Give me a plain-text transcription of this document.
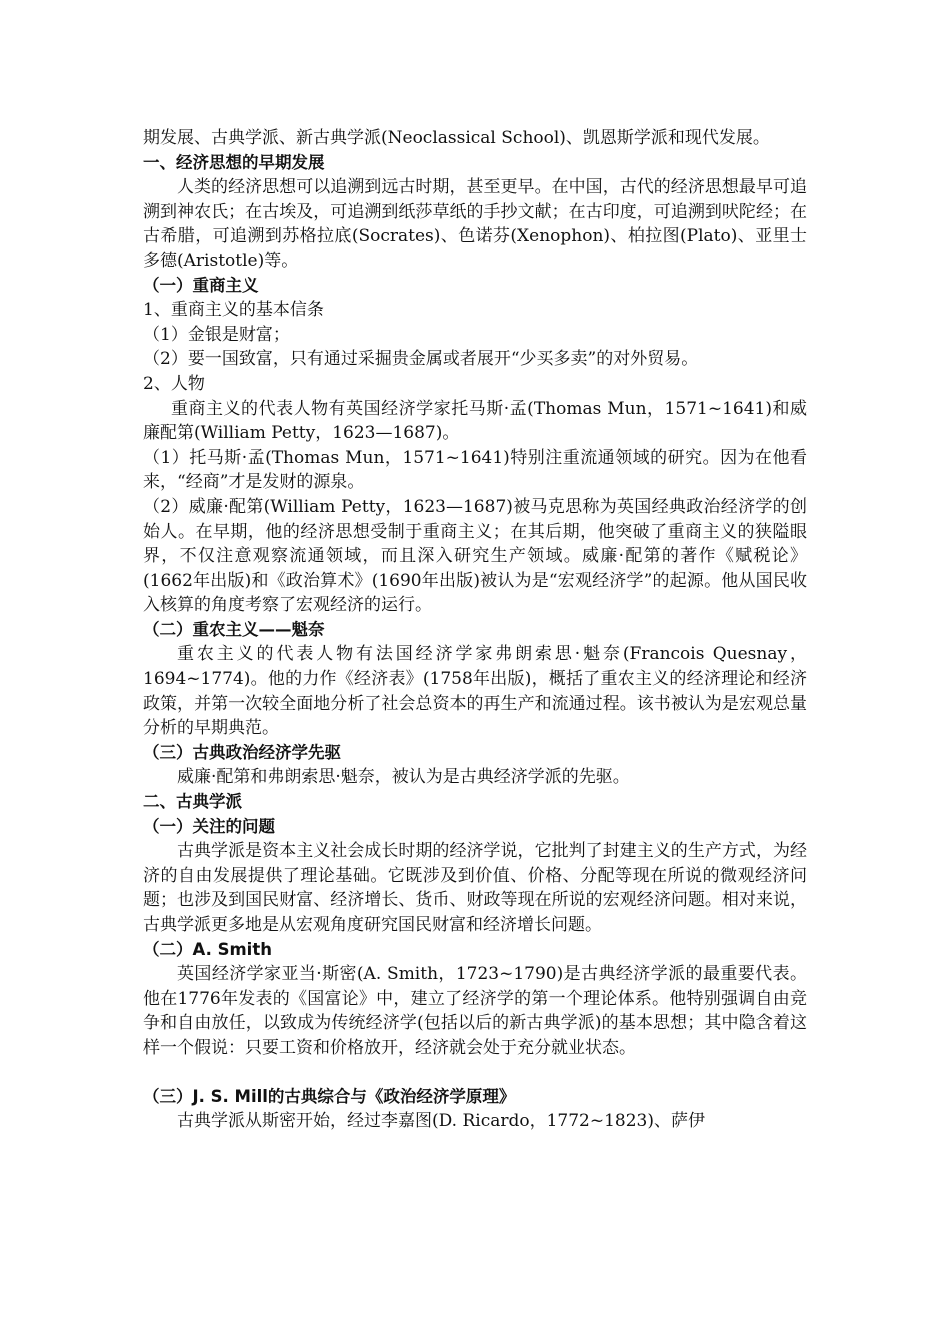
期发展、古典学派、新古典学派(Neoclassical School)、凯恩斯学派和现代发展。

一、经济思想的早期发展

人类的经济思想可以追溯到远古时期，甚至更早。在中国，古代的经济思想最早可追溯到神农氏；在古埃及，可追溯到纸莎草纸的手抄文献；在古印度，可追溯到吠陀经；在古希腊，可追溯到苏格拉底(Socrates)、色诺芬(Xenophon)、柏拉图(Plato)、亚里士多德(Aristotle)等。

（一）重商主义

1、重商主义的基本信条

（1）金银是财富；

（2）要一国致富，只有通过采掘贵金属或者展开“少买多卖”的对外贸易。

2、人物

重商主义的代表人物有英国经济学家托马斯·孟(Thomas Mun，1571~1641)和威廉配第(William Petty，1623—1687)。

（1）托马斯·孟(Thomas Mun，1571~1641)特别注重流通领域的研究。因为在他看来，“经商”才是发财的源泉。

（2）威廉·配第(William Petty，1623—1687)被马克思称为英国经典政治经济学的创始人。在早期，他的经济思想受制于重商主义；在其后期，他突破了重商主义的狭隘眼界，不仅注意观察流通领域，而且深入研究生产领域。威廉·配第的著作《赋税论》(1662年出版)和《政治算术》(1690年出版)被认为是“宏观经济学”的起源。他从国民收入核算的角度考察了宏观经济的运行。

（二）重农主义——魁奈

重农主义的代表人物有法国经济学家弗朗索思·魁奈(Francois Quesnay，1694~1774)。他的力作《经济表》(1758年出版)，概括了重农主义的经济理论和经济政策，并第一次较全面地分析了社会总资本的再生产和流通过程。该书被认为是宏观总量分析的早期典范。

（三）古典政治经济学先驱

威廉·配第和弗朗索思·魁奈，被认为是古典经济学派的先驱。

二、古典学派

（一）关注的问题

古典学派是资本主义社会成长时期的经济学说，它批判了封建主义的生产方式，为经济的自由发展提供了理论基础。它既涉及到价值、价格、分配等现在所说的微观经济问题；也涉及到国民财富、经济增长、货币、财政等现在所说的宏观经济问题。相对来说，古典学派更多地是从宏观角度研究国民财富和经济增长问题。

（二）A. Smith

英国经济学家亚当·斯密(A. Smith，1723~1790)是古典经济学派的最重要代表。他在1776年发表的《国富论》中，建立了经济学的第一个理论体系。他特别强调自由竞争和自由放任，以致成为传统经济学(包括以后的新古典学派)的基本思想；其中隐含着这样一个假说：只要工资和价格放开，经济就会处于充分就业状态。

（三）J. S. Mill的古典综合与《政治经济学原理》

古典学派从斯密开始，经过李嘉图(D. Ricardo，1772~1823)、萨伊
